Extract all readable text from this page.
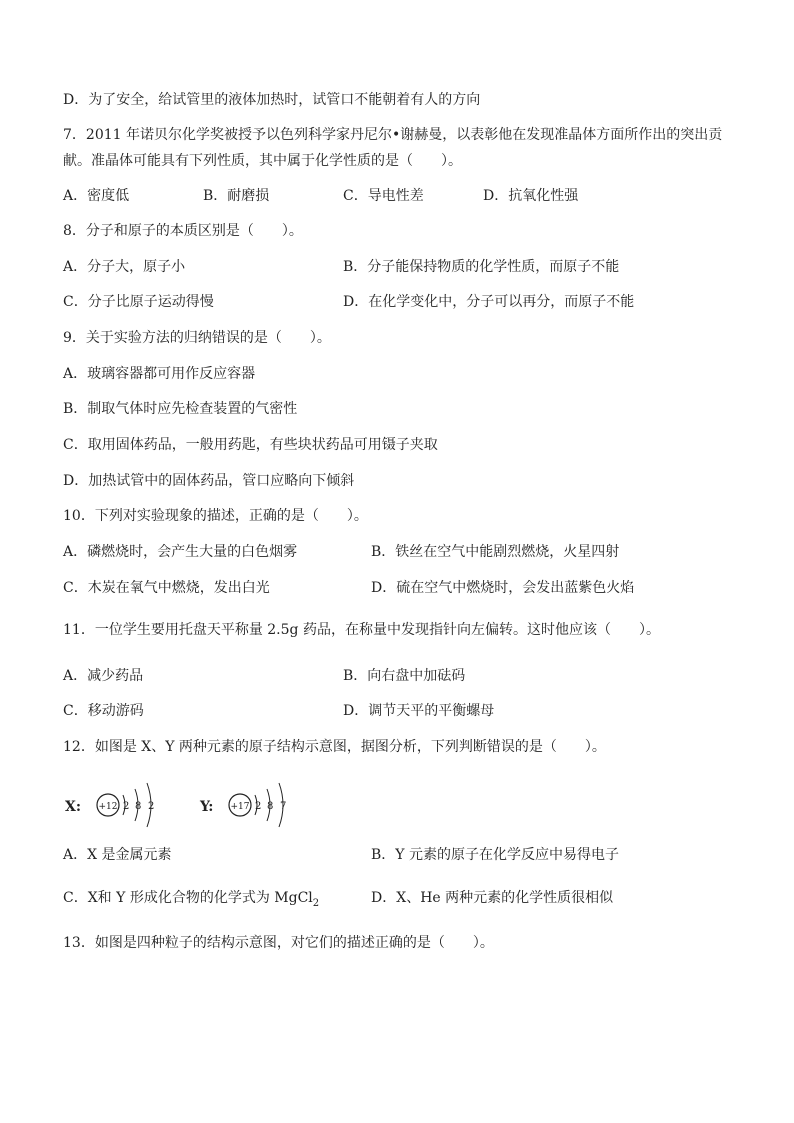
D．为了安全，给试管里的液体加热时，试管口不能朝着有人的方向
7．2011 年诺贝尔化学奖被授予以色列科学家丹尼尔•谢赫曼，以表彰他在发现准晶体方面所作出的突出贡
献。准晶体可能具有下列性质，其中属于化学性质的是（　　）。
A．密度低	B．耐磨损	C．导电性差	D．抗氧化性强
8．分子和原子的本质区别是（　　）。
A．分子大，原子小	B．分子能保持物质的化学性质，而原子不能
C．分子比原子运动得慢	D．在化学变化中，分子可以再分，而原子不能
9．关于实验方法的归纳错误的是（　　）。
A．玻璃容器都可用作反应容器
B．制取气体时应先检查装置的气密性
C．取用固体药品，一般用药匙，有些块状药品可用镊子夹取
D．加热试管中的固体药品，管口应略向下倾斜
10．下列对实验现象的描述，正确的是（　　）。
A．磷燃烧时，会产生大量的白色烟雾	B．铁丝在空气中能剧烈燃烧，火星四射
C．木炭在氧气中燃烧，发出白光	D．硫在空气中燃烧时，会发出蓝紫色火焰
11．一位学生要用托盘天平称量 2.5g 药品，在称量中发现指针向左偏转。这时他应该（　　）。
A．减少药品	B．向右盘中加砝码
C．移动游码	D．调节天平的平衡螺母
12．如图是 X、Y 两种元素的原子结构示意图，据图分析，下列判断错误的是（　　）。
X: +12 2 8 2	Y: +17 2 8 7
A．X 是金属元素	B．Y 元素的原子在化学反应中易得电子
C．X和 Y 形成化合物的化学式为 MgCl$_2$	D．X、He 两种元素的化学性质很相似
13．如图是四种粒子的结构示意图，对它们的描述正确的是（　　）。
